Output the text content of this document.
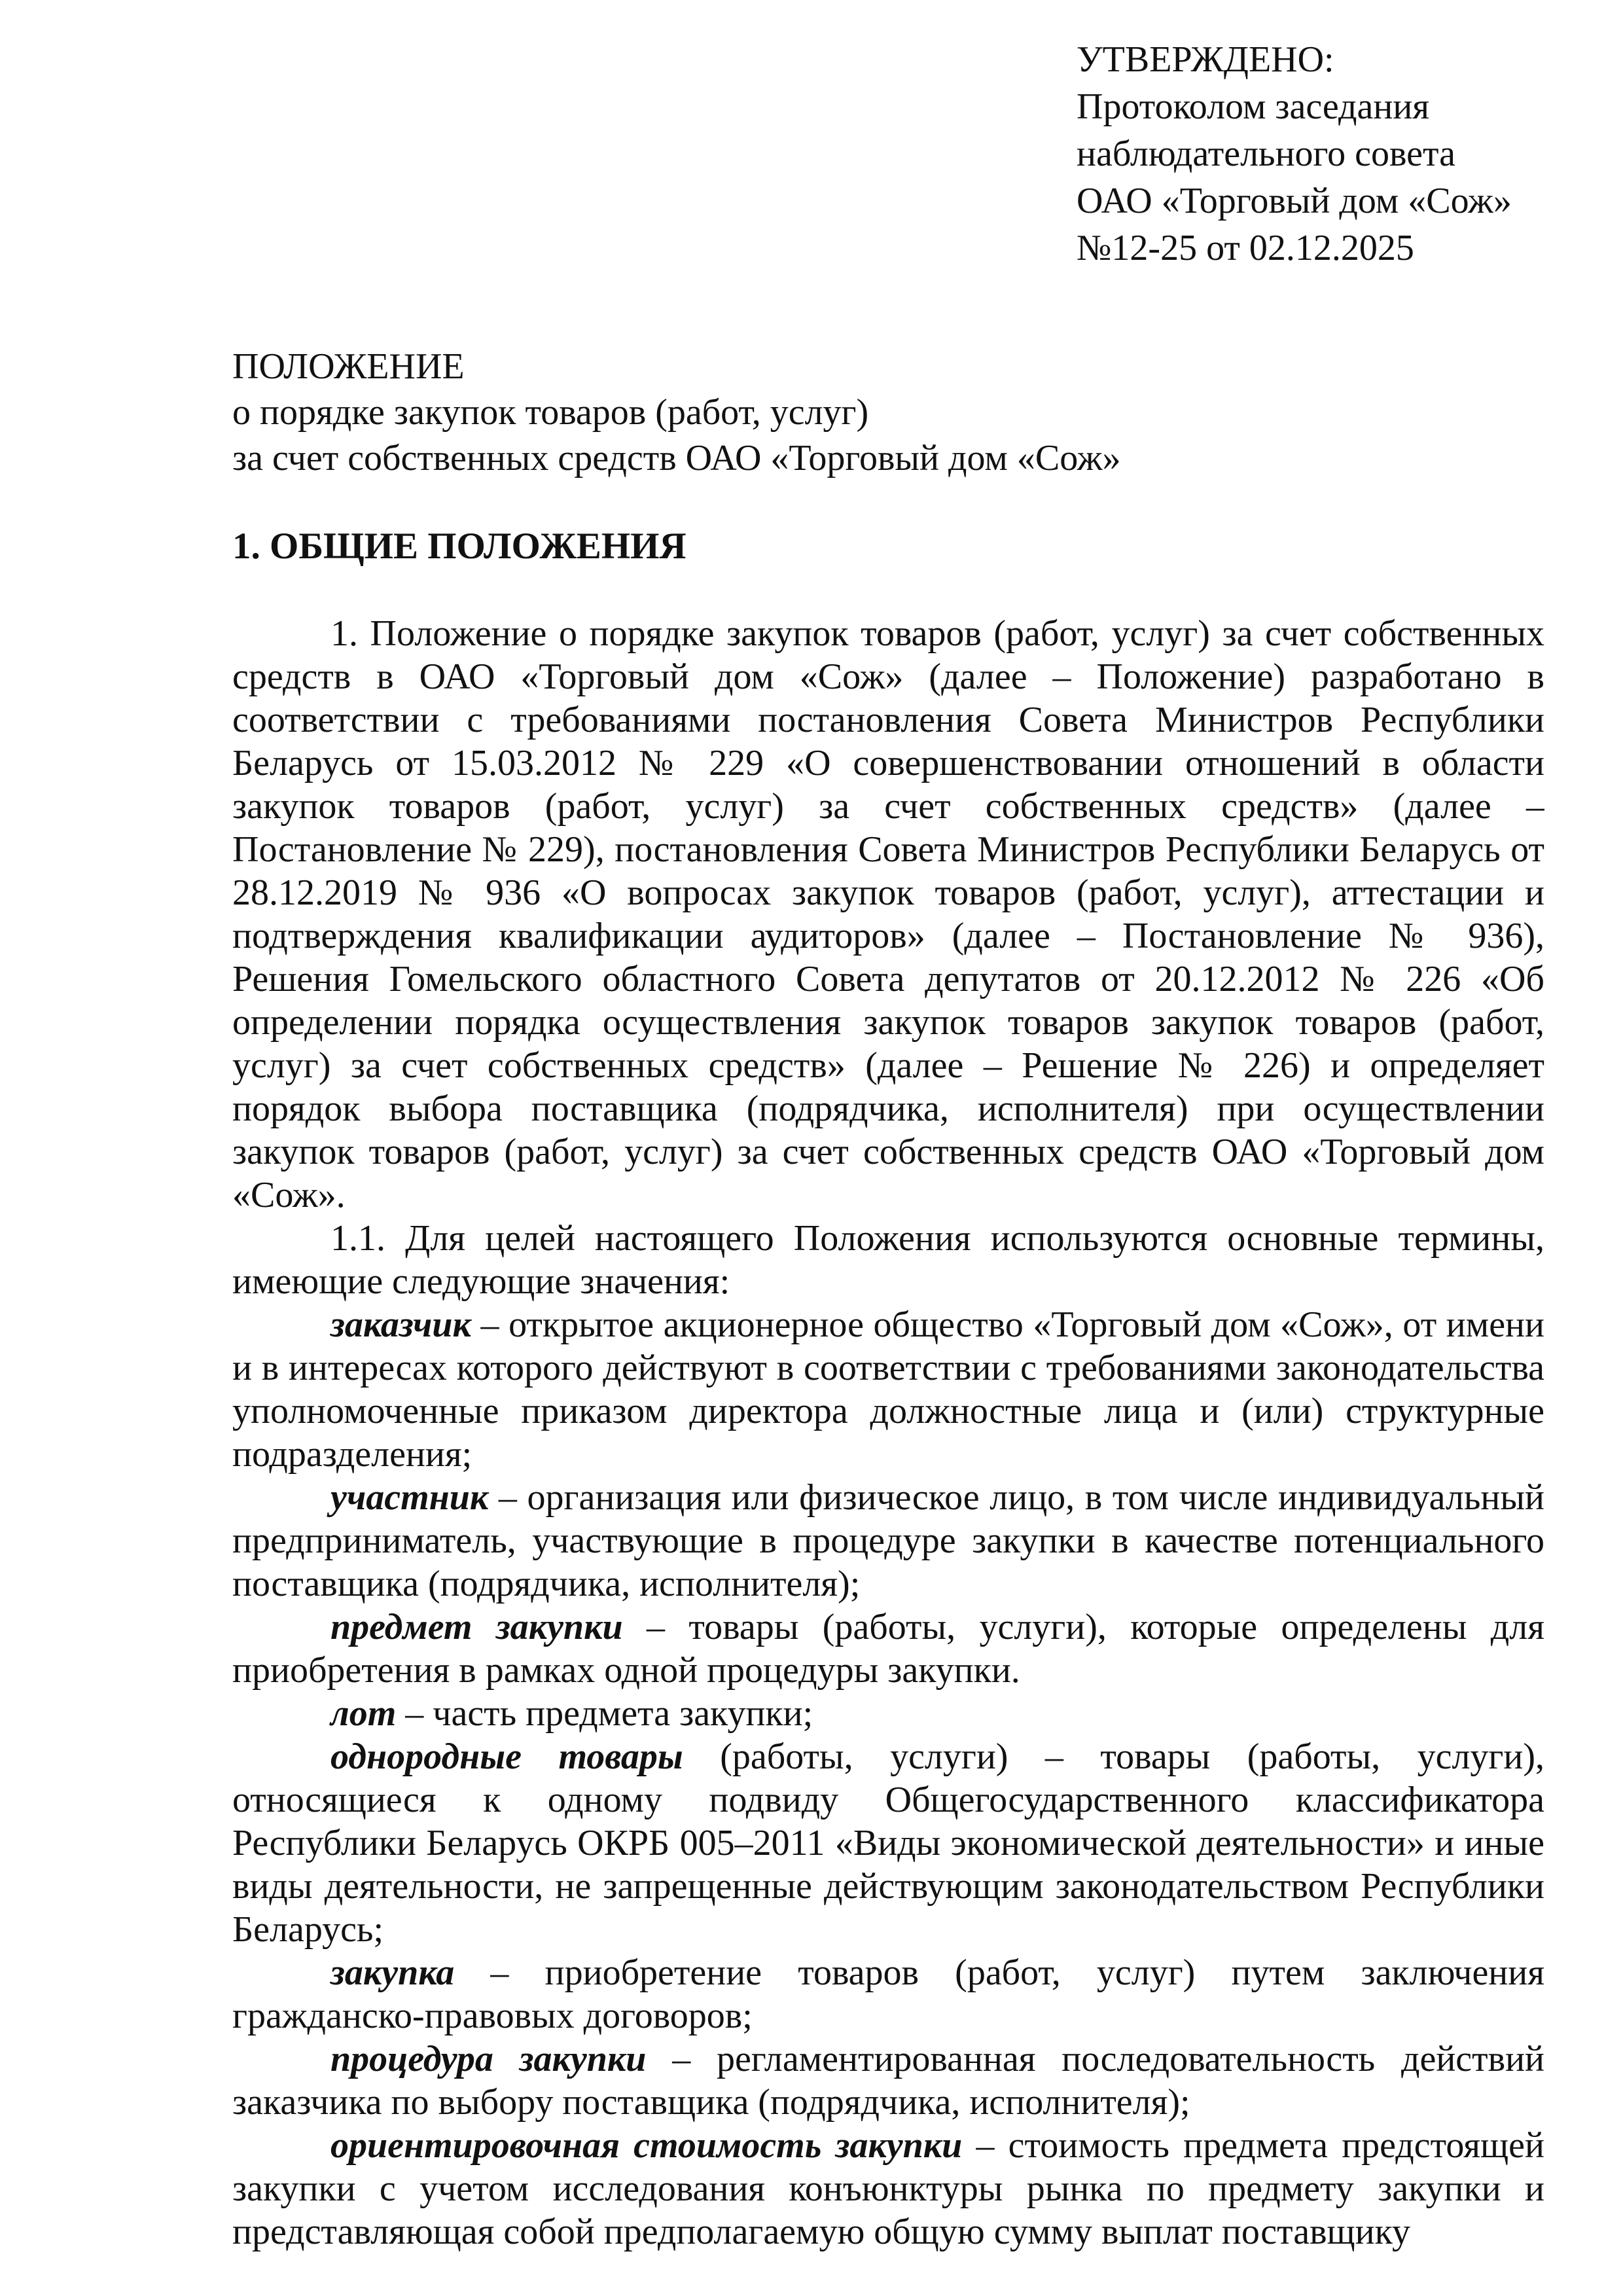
УТВЕРЖДЕНО:
Протоколом заседания
наблюдательного совета
ОАО «Торговый дом «Сож»
№12-25 от 02.12.2025
ПОЛОЖЕНИЕ
о порядке закупок товаров (работ, услуг)
за счет собственных средств ОАО «Торговый дом «Сож»
1. ОБЩИЕ ПОЛОЖЕНИЯ

1. Положение о порядке закупок товаров (работ, услуг) за счет собственных средств в ОАО «Торговый дом «Сож» (далее – Положение) разработано в соответствии с требованиями постановления Совета Министров Республики Беларусь от 15.03.2012 № 229 «О совершенствовании отношений в области закупок товаров (работ, услуг) за счет собственных средств» (далее – Постановление № 229), постановления Совета Министров Республики Беларусь от 28.12.2019 № 936 «О вопросах закупок товаров (работ, услуг), аттестации и подтверждения квалификации аудиторов» (далее – Постановление № 936), Решения Гомельского областного Совета депутатов от 20.12.2012 № 226 «Об определении порядка осуществления закупок товаров закупок товаров (работ, услуг) за счет собственных средств» (далее – Решение № 226) и определяет порядок выбора поставщика (подрядчика, исполнителя) при осуществлении закупок товаров (работ, услуг) за счет собственных средств ОАО «Торговый дом «Сож».

1.1. Для целей настоящего Положения используются основные термины, имеющие следующие значения:

заказчик – открытое акционерное общество «Торговый дом «Сож», от имени и в интересах которого действуют в соответствии с требованиями законодательства уполномоченные приказом директора должностные лица и (или) структурные подразделения;

участник – организация или физическое лицо, в том числе индивидуальный предприниматель, участвующие в процедуре закупки в качестве потенциального поставщика (подрядчика, исполнителя);

предмет закупки – товары (работы, услуги), которые определены для приобретения в рамках одной процедуры закупки.

лот – часть предмета закупки;

однородные товары (работы, услуги) – товары (работы, услуги), относящиеся к одному подвиду Общегосударственного классификатора Республики Беларусь ОКРБ 005–2011 «Виды экономической деятельности» и иные виды деятельности, не запрещенные действующим законодательством Республики Беларусь;

закупка – приобретение товаров (работ, услуг) путем заключения гражданско-правовых договоров;

процедура закупки – регламентированная последовательность действий заказчика по выбору поставщика (подрядчика, исполнителя);

ориентировочная стоимость закупки – стоимость предмета предстоящей закупки с учетом исследования конъюнктуры рынка по предмету закупки и представляющая собой предполагаемую общую сумму выплат поставщику
